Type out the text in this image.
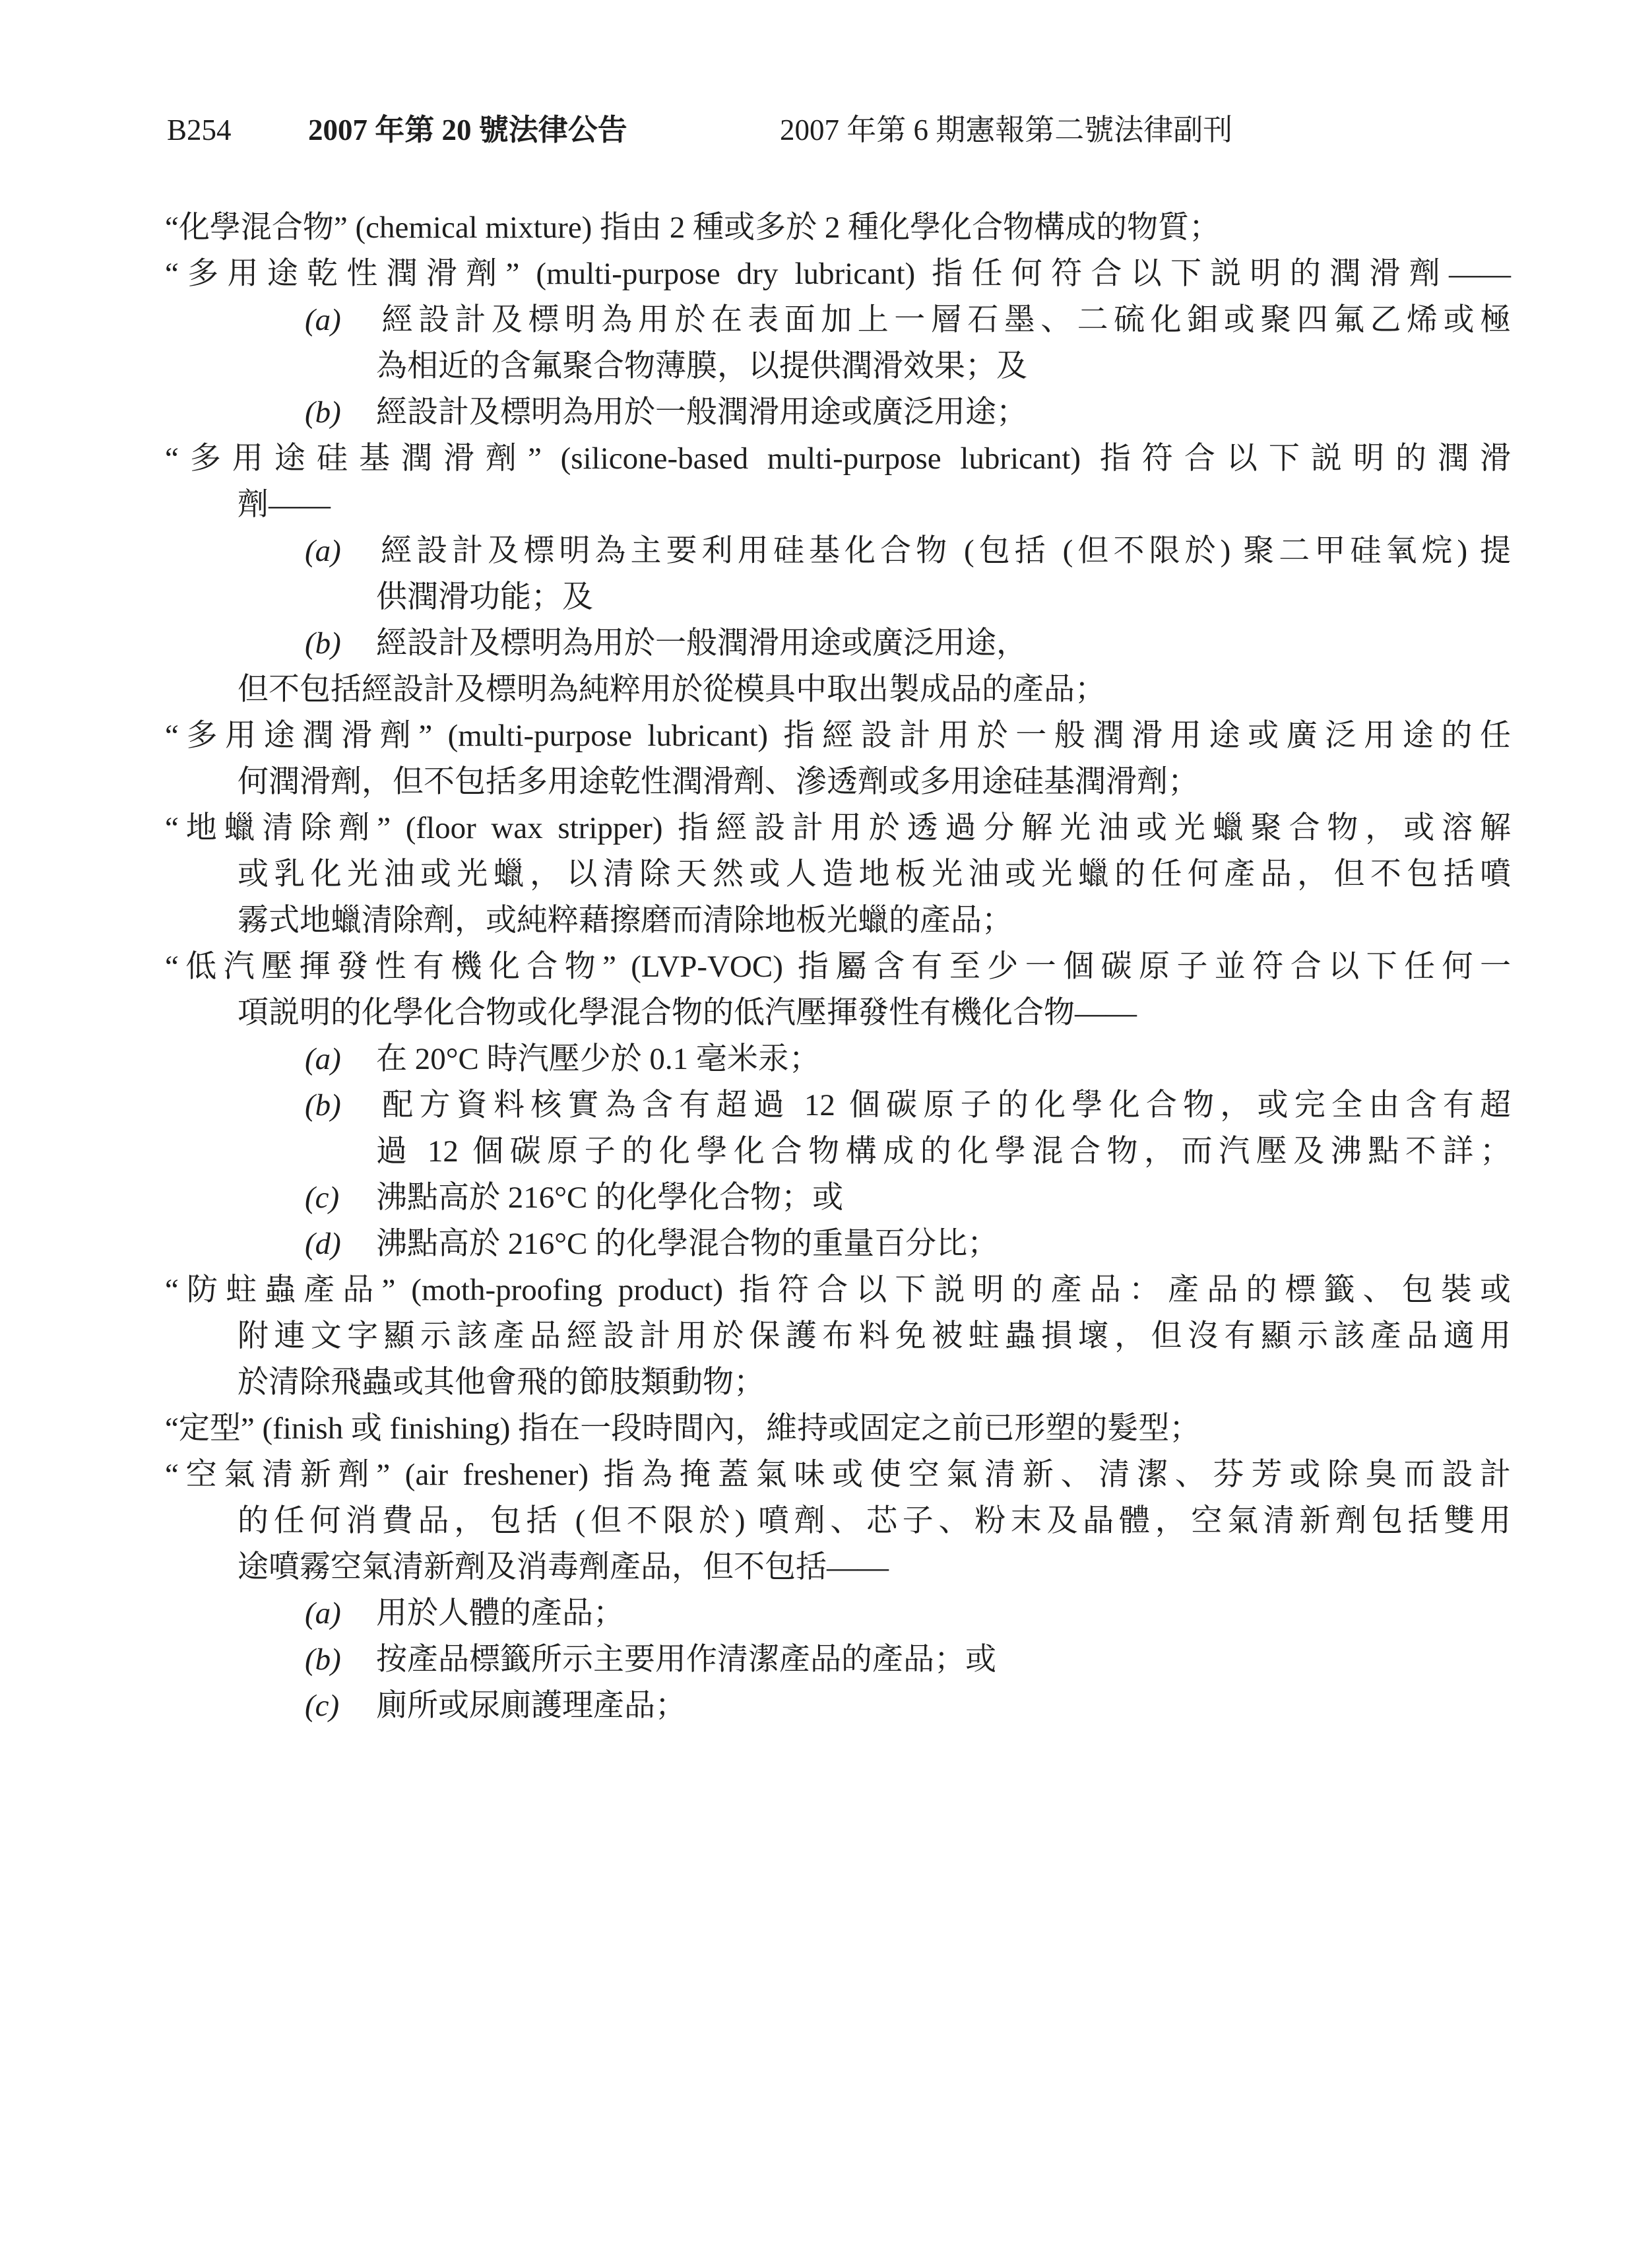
B254	2007 年第 20 號法律公告	2007 年第 6 期憲報第二號法律副刊
“化學混合物” (chemical mixture) 指由 2 種或多於 2 種化學化合物構成的物質；
“多用途乾性潤滑劑” (multi-purpose dry lubricant) 指任何符合以下説明的潤滑劑——
(a) 經設計及標明為用於在表面加上一層石墨、二硫化鉬或聚四氟乙烯或極
為相近的含氟聚合物薄膜，以提供潤滑效果；及
(b) 經設計及標明為用於一般潤滑用途或廣泛用途；
“多用途硅基潤滑劑” (silicone-based multi-purpose lubricant) 指符合以下説明的潤滑
劑——
(a) 經設計及標明為主要利用硅基化合物 (包括 (但不限於) 聚二甲硅氧烷) 提
供潤滑功能；及
(b) 經設計及標明為用於一般潤滑用途或廣泛用途，
但不包括經設計及標明為純粹用於從模具中取出製成品的產品；
“多用途潤滑劑” (multi-purpose lubricant) 指經設計用於一般潤滑用途或廣泛用途的任
何潤滑劑，但不包括多用途乾性潤滑劑、滲透劑或多用途硅基潤滑劑；
“地蠟清除劑” (floor wax stripper) 指經設計用於透過分解光油或光蠟聚合物，或溶解
或乳化光油或光蠟，以清除天然或人造地板光油或光蠟的任何產品，但不包括噴
霧式地蠟清除劑，或純粹藉擦磨而清除地板光蠟的產品；
“低汽壓揮發性有機化合物” (LVP-VOC) 指屬含有至少一個碳原子並符合以下任何一
項説明的化學化合物或化學混合物的低汽壓揮發性有機化合物——
(a) 在 20°C 時汽壓少於 0.1 毫米汞；
(b) 配方資料核實為含有超過 12 個碳原子的化學化合物，或完全由含有超
過 12 個碳原子的化學化合物構成的化學混合物，而汽壓及沸點不詳；
(c) 沸點高於 216°C 的化學化合物；或
(d) 沸點高於 216°C 的化學混合物的重量百分比；
“防蛀蟲產品” (moth-proofing product) 指符合以下説明的產品：產品的標籤、包裝或
附連文字顯示該產品經設計用於保護布料免被蛀蟲損壞，但沒有顯示該產品適用
於清除飛蟲或其他會飛的節肢類動物；
“定型” (finish 或 finishing) 指在一段時間內，維持或固定之前已形塑的髮型；
“空氣清新劑” (air freshener) 指為掩蓋氣味或使空氣清新、清潔、芬芳或除臭而設計
的任何消費品，包括 (但不限於) 噴劑、芯子、粉末及晶體，空氣清新劑包括雙用
途噴霧空氣清新劑及消毒劑產品，但不包括——
(a) 用於人體的產品；
(b) 按產品標籤所示主要用作清潔產品的產品；或
(c) 廁所或尿廁護理產品；
